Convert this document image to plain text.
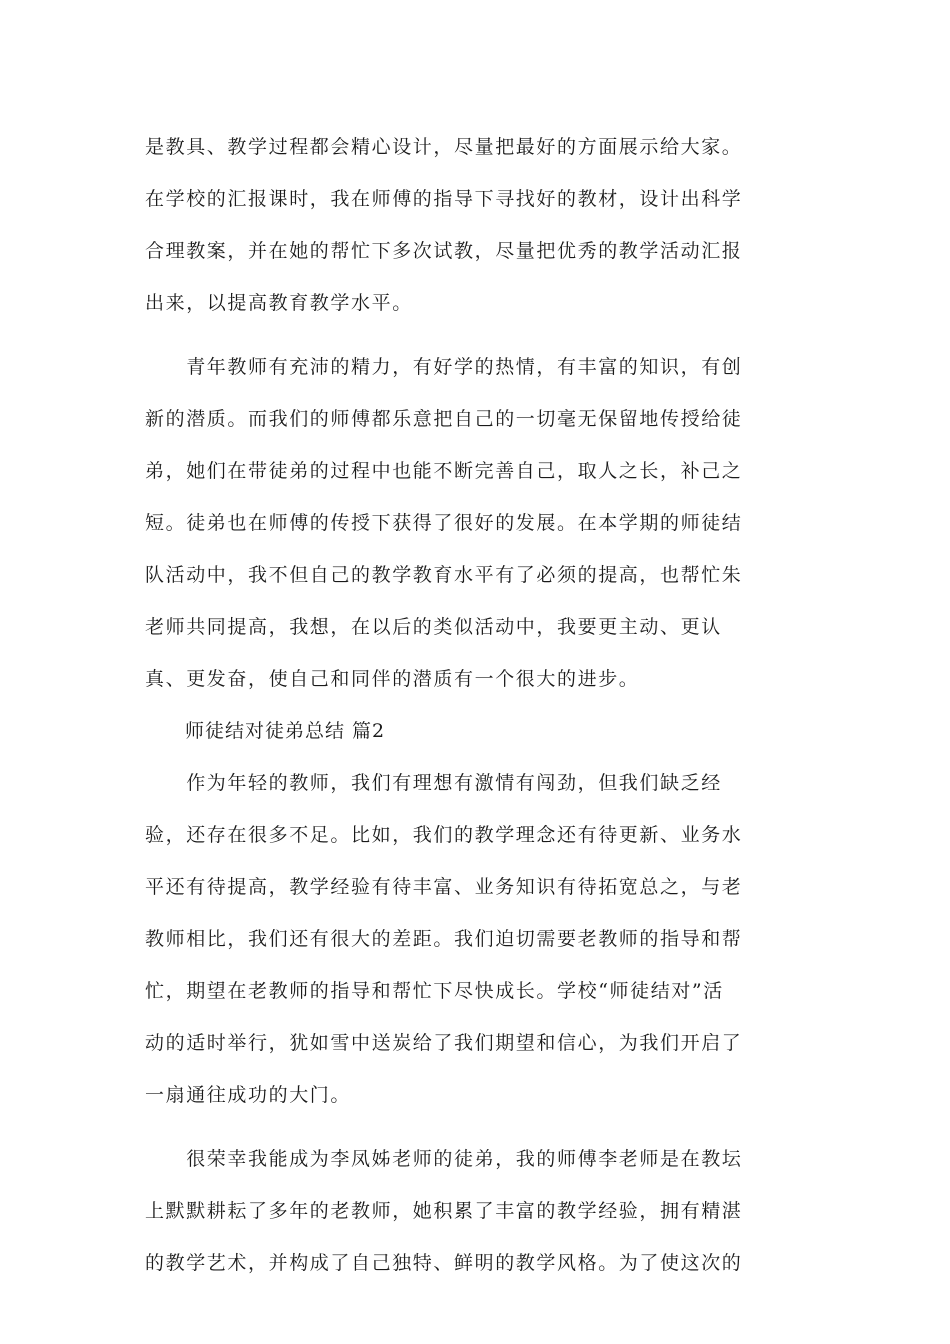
是教具、教学过程都会精心设计，尽量把最好的方面展示给大家。
在学校的汇报课时，我在师傅的指导下寻找好的教材，设计出科学
合理教案，并在她的帮忙下多次试教，尽量把优秀的教学活动汇报
出来，以提高教育教学水平。
　　青年教师有充沛的精力，有好学的热情，有丰富的知识，有创
新的潜质。而我们的师傅都乐意把自己的一切毫无保留地传授给徒
弟，她们在带徒弟的过程中也能不断完善自己，取人之长，补己之
短。徒弟也在师傅的传授下获得了很好的发展。在本学期的师徒结
队活动中，我不但自己的教学教育水平有了必须的提高，也帮忙朱
老师共同提高，我想，在以后的类似活动中，我要更主动、更认
真、更发奋，使自己和同伴的潜质有一个很大的进步。
　　师徒结对徒弟总结 篇2
　　作为年轻的教师，我们有理想有激情有闯劲，但我们缺乏经
验，还存在很多不足。比如，我们的教学理念还有待更新、业务水
平还有待提高，教学经验有待丰富、业务知识有待拓宽总之，与老
教师相比，我们还有很大的差距。我们迫切需要老教师的指导和帮
忙，期望在老教师的指导和帮忙下尽快成长。学校“师徒结对”活
动的适时举行，犹如雪中送炭给了我们期望和信心，为我们开启了
一扇通往成功的大门。
　　很荣幸我能成为李凤姊老师的徒弟，我的师傅李老师是在教坛
上默默耕耘了多年的老教师，她积累了丰富的教学经验，拥有精湛
的教学艺术，并构成了自己独特、鲜明的教学风格。为了使这次的
